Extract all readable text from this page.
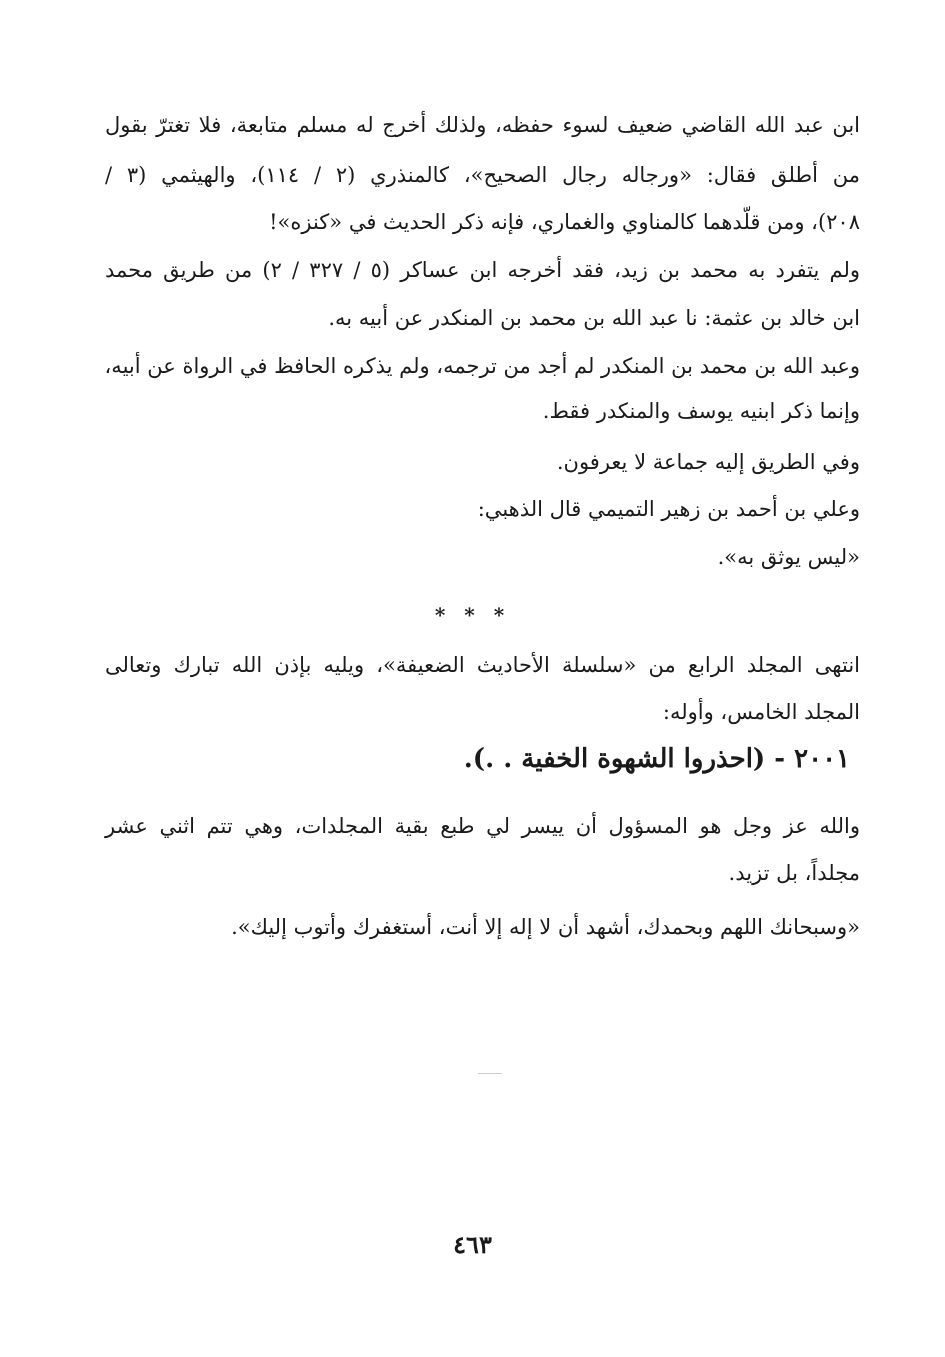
ابن عبد الله القاضي ضعيف لسوء حفظه، ولذلك أخرج له مسلم متابعة، فلا تغترّ بقول
من أطلق فقال: «ورجاله رجال الصحيح»، كالمنذري (٢ / ١١٤)، والهيثمي (٣ /
٢٠٨)، ومن قلّدهما كالمناوي والغماري، فإنه ذكر الحديث في «كنزه»!
ولم يتفرد به محمد بن زيد، فقد أخرجه ابن عساكر (٥ / ٣٢٧ / ٢) من طريق محمد
ابن خالد بن عثمة: نا عبد الله بن محمد بن المنكدر عن أبيه به.
وعبد الله بن محمد بن المنكدر لم أجد من ترجمه، ولم يذكره الحافظ في الرواة عن أبيه،
وإنما ذكر ابنيه يوسف والمنكدر فقط.
وفي الطريق إليه جماعة لا يعرفون.
وعلي بن أحمد بن زهير التميمي قال الذهبي:
«ليس يوثق به».
* * *
انتهى المجلد الرابع من «سلسلة الأحاديث الضعيفة»، ويليه بإذن الله تبارك وتعالى
المجلد الخامس، وأوله:
٢٠٠١ - (احذروا الشهوة الخفية . .).
والله عز وجل هو المسؤول أن ييسر لي طبع بقية المجلدات، وهي تتم اثني عشر
مجلداً، بل تزيد.
«وسبحانك اللهم وبحمدك، أشهد أن لا إله إلا أنت، أستغفرك وأتوب إليك».
٤٦٣
